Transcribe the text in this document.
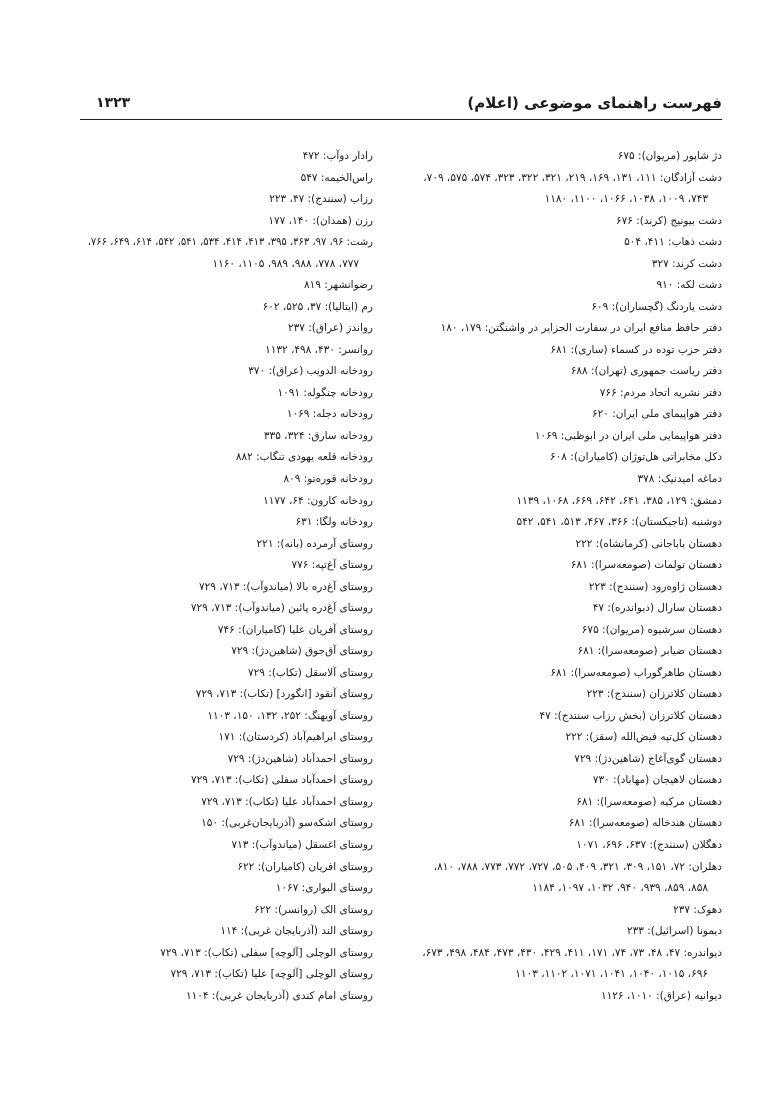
فهرست راهنمای موضوعی (اعلام)
۱۳۲۳
دژ شاپور (مریوان): ۶۷۵
دشت آزادگان: ۱۱۱، ۱۳۱، ۱۶۹، ۲۱۹، ۳۲۱، ۳۲۲، ۳۲۳، ۵۷۴، ۵۷۵، ۷۰۹،
۷۴۳، ۱۰۰۹، ۱۰۳۸، ۱۰۶۶، ۱۱۰۰، ۱۱۸۰
دشت بیونیج (کرند): ۶۷۶
دشت ذهاب: ۴۱۱، ۵۰۴
دشت کرند: ۳۲۷
دشت لکه: ۹۱۰
دشت یاردنگ (گچساران): ۶۰۹
دفتر حافظ منافع ایران در سفارت الجزایر در واشنگتن: ۱۷۹، ۱۸۰
دفتر حزب توده در کسماء (ساری): ۶۸۱
دفتر ریاست جمهوری (تهران): ۶۸۸
دفتر نشریه اتحاد مردم: ۷۶۶
دفتر هواپیمای ملی ایران: ۶۲۰
دفتر هواپیمایی ملی ایران در ابوظبی: ۱۰۶۹
دکل مخابراتی هل‌توژان (کامیاران): ۶۰۸
دماغه امیدنیک: ۳۷۸
دمشق: ۱۲۹، ۳۸۵، ۶۴۱، ۶۴۲، ۶۶۹، ۱۰۶۸، ۱۱۳۹
دوشنبه (تاجیکستان): ۳۶۶، ۴۶۷، ۵۱۳، ۵۴۱، ۵۴۲
دهستان باباجانی (کرمانشاه): ۲۲۲
دهستان تولمات (صومعه‌سرا): ۶۸۱
دهستان ژاوه‌رود (سنندج): ۲۲۳
دهستان سارال (دیواندره): ۴۷
دهستان سرشیوه (مریوان): ۶۷۵
دهستان ضیابر (صومعه‌سرا): ۶۸۱
دهستان طاهرگوراب (صومعه‌سرا): ۶۸۱
دهستان کلاترزان (سنندج): ۲۲۳
دهستان کلاترزان (بخش رزاب سنندج): ۴۷
دهستان کل‌تپه فیض‌الله (سقز): ۲۲۲
دهستان گوی‌آغاج (شاهین‌دژ): ۷۲۹
دهستان لاهیجان (مهاباد): ۷۳۰
دهستان مرکیه (صومعه‌سرا): ۶۸۱
دهستان هندخاله (صومعه‌سرا): ۶۸۱
دهگلان (سنندج): ۶۳۷، ۶۹۶، ۱۰۷۱
دهلران: ۷۲، ۱۵۱، ۳۰۹، ۳۲۱، ۴۰۹، ۵۰۵، ۷۲۷، ۷۷۲، ۷۷۳، ۷۸۸، ۸۱۰،
۸۵۸، ۸۵۹، ۹۳۹، ۹۴۰، ۱۰۳۲، ۱۰۹۷، ۱۱۸۴
دهوک: ۲۳۷
دیمونا (اسرائیل): ۲۳۳
دیواندره: ۴۷، ۴۸، ۷۳، ۷۴، ۱۷۱، ۴۱۱، ۴۲۹، ۴۳۰، ۴۷۳، ۴۸۴، ۴۹۸، ۶۷۳،
۶۹۶، ۱۰۱۵، ۱۰۴۰، ۱۰۴۱، ۱۰۷۱، ۱۱۰۲، ۱۱۰۳
دیوانیه (عراق): ۱۰۱۰، ۱۱۲۶
رادار دوآب: ۴۷۲
راس‌الخیمه: ۵۴۷
رزاب (سنندج): ۴۷، ۲۲۳
رزن (همدان): ۱۴۰، ۱۷۷
رشت: ۹۶، ۹۷، ۳۶۳، ۳۹۵، ۴۱۳، ۴۱۴، ۵۳۴، ۵۴۱، ۵۴۲، ۶۱۴، ۶۴۹، ۷۶۶،
۷۷۷، ۷۷۸، ۹۸۸، ۹۸۹، ۱۱۰۵، ۱۱۶۰
رضوانشهر: ۸۱۹
رم (ایتالیا): ۳۷، ۵۲۵، ۶۰۲
رواندز (عراق): ۲۳۷
روانسر: ۴۳۰، ۴۹۸، ۱۱۳۲
رودخانه الدویب (عراق): ۳۷۰
رودخانه چنگوله: ۱۰۹۱
رودخانه دجله: ۱۰۶۹
رودخانه سارق: ۳۲۴، ۳۳۵
رودخانه قلعه یهودی تنگاب: ۸۸۲
رودخانه قوره‌تو: ۸۰۹
رودخانه کارون: ۶۴، ۱۱۷۷
رودخانه ولگا: ۶۳۱
روستای آرمرده (بانه): ۲۲۱
روستای آغ‌تپه: ۷۷۶
روستای آغ‌دره بالا (میاندوآب): ۷۱۳، ۷۲۹
روستای آغ‌دره پائین (میاندوآب): ۷۱۳، ۷۲۹
روستای آفریان علیا (کامیاران): ۷۴۶
روستای آق‌جوق (شاهین‌دژ): ۷۲۹
روستای آلاسقل (تکاب): ۷۲۹
روستای آنقود [انگورد] (تکاب): ۷۱۳، ۷۲۹
روستای آویهنگ: ۲۵۲، ۱۳۲، ۱۵۰، ۱۱۰۳
روستای ابراهیم‌آباد (کردستان): ۱۷۱
روستای احمدآباد (شاهین‌دژ): ۷۲۹
روستای احمدآباد سفلی (تکاب): ۷۱۳، ۷۲۹
روستای احمدآباد علیا (تکاب): ۷۱۳، ۷۲۹
روستای اشکه‌سو (آذربایجان‌غربی): ۱۵۰
روستای اغسقل (میاندوآب): ۷۱۳
روستای افریان (کامیاران): ۶۲۲
روستای البواری: ۱۰۶۷
روستای الک (روانسر): ۶۲۲
روستای الند (آذربایجان غربی): ۱۱۴
روستای الوچلی [آلوچه] سفلی (تکاب): ۷۱۳، ۷۲۹
روستای الوچلی [آلوچه] علیا (تکاب): ۷۱۳، ۷۲۹
روستای امام کندی (آذربایجان غربی): ۱۱۰۴
